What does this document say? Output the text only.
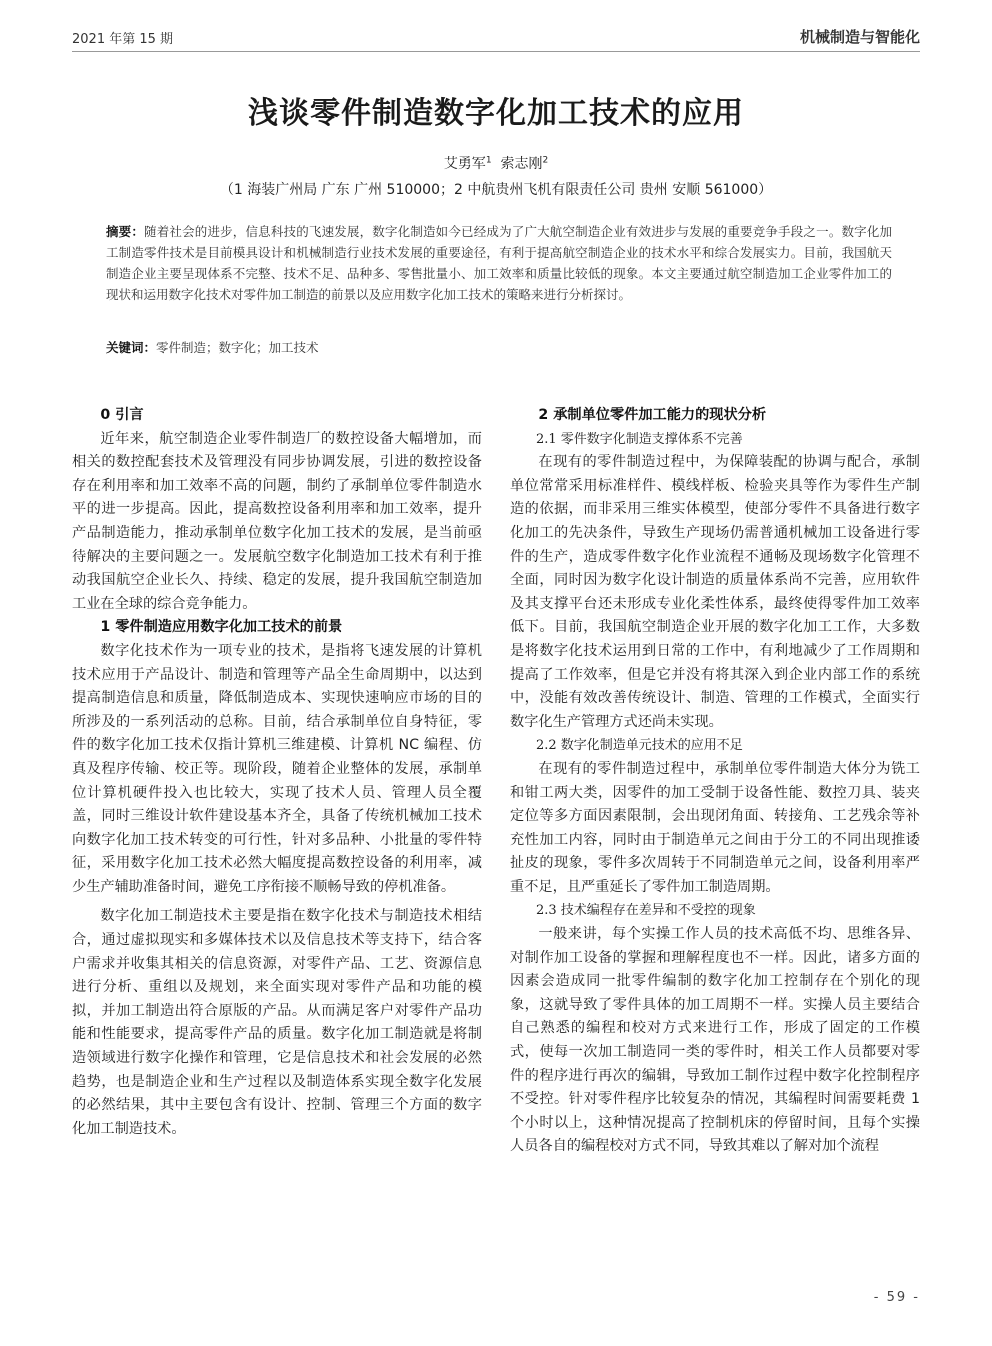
2021 年第 15 期	机械制造与智能化
浅谈零件制造数字化加工技术的应用
艾勇军$^1$ 索志刚$^2$
（1 海装广州局 广东 广州 510000；2 中航贵州飞机有限责任公司 贵州 安顺 561000）
摘要：随着社会的进步，信息科技的飞速发展，数字化制造如今已经成为了广大航空制造企业有效进步与发展的重要竞争手段之一。数字化加工制造零件技术是目前模具设计和机械制造行业技术发展的重要途径，有利于提高航空制造企业的技术水平和综合发展实力。目前，我国航天制造企业主要呈现体系不完整、技术不足、品种多、零售批量小、加工效率和质量比较低的现象。本文主要通过航空制造加工企业零件加工的现状和运用数字化技术对零件加工制造的前景以及应用数字化加工技术的策略来进行分析探讨。
关键词：零件制造；数字化；加工技术
0 引言

近年来，航空制造企业零件制造厂的数控设备大幅增加，而相关的数控配套技术及管理没有同步协调发展，引进的数控设备存在利用率和加工效率不高的问题，制约了承制单位零件制造水平的进一步提高。因此，提高数控设备利用率和加工效率，提升产品制造能力，推动承制单位数字化加工技术的发展，是当前亟待解决的主要问题之一。发展航空数字化制造加工技术有利于推动我国航空企业长久、持续、稳定的发展，提升我国航空制造加工业在全球的综合竞争能力。

1 零件制造应用数字化加工技术的前景

数字化技术作为一项专业的技术，是指将飞速发展的计算机技术应用于产品设计、制造和管理等产品全生命周期中，以达到提高制造信息和质量，降低制造成本、实现快速响应市场的目的所涉及的一系列活动的总称。目前，结合承制单位自身特征，零件的数字化加工技术仅指计算机三维建模、计算机 NC 编程、仿真及程序传输、校正等。现阶段，随着企业整体的发展，承制单位计算机硬件投入也比较大，实现了技术人员、管理人员全覆盖，同时三维设计软件建设基本齐全，具备了传统机械加工技术向数字化加工技术转变的可行性，针对多品种、小批量的零件特征，采用数字化加工技术必然大幅度提高数控设备的利用率，减少生产辅助准备时间，避免工序衔接不顺畅导致的停机准备。

数字化加工制造技术主要是指在数字化技术与制造技术相结合，通过虚拟现实和多媒体技术以及信息技术等支持下，结合客户需求并收集其相关的信息资源，对零件产品、工艺、资源信息进行分析、重组以及规划，来全面实现对零件产品和功能的模拟，并加工制造出符合原版的产品。从而满足客户对零件产品功能和性能要求，提高零件产品的质量。数字化加工制造就是将制造领域进行数字化操作和管理，它是信息技术和社会发展的必然趋势，也是制造企业和生产过程以及制造体系实现全数字化发展的必然结果，其中主要包含有设计、控制、管理三个方面的数字化加工制造技术。

2 承制单位零件加工能力的现状分析
2.1 零件数字化制造支撑体系不完善

在现有的零件制造过程中，为保障装配的协调与配合，承制单位常常采用标准样件、模线样板、检验夹具等作为零件生产制造的依据，而非采用三维实体模型，使部分零件不具备进行数字化加工的先决条件，导致生产现场仍需普通机械加工设备进行零件的生产，造成零件数字化作业流程不通畅及现场数字化管理不全面，同时因为数字化设计制造的质量体系尚不完善，应用软件及其支撑平台还未形成专业化柔性体系，最终使得零件加工效率低下。目前，我国航空制造企业开展的数字化加工工作，大多数是将数字化技术运用到日常的工作中，有利地减少了工作周期和提高了工作效率，但是它并没有将其深入到企业内部工作的系统中，没能有效改善传统设计、制造、管理的工作模式，全面实行数字化生产管理方式还尚未实现。

2.2 数字化制造单元技术的应用不足

在现有的零件制造过程中，承制单位零件制造大体分为铣工和钳工两大类，因零件的加工受制于设备性能、数控刀具、装夹定位等多方面因素限制，会出现闭角面、转接角、工艺残余等补充性加工内容，同时由于制造单元之间由于分工的不同出现推诿扯皮的现象，零件多次周转于不同制造单元之间，设备利用率严重不足，且严重延长了零件加工制造周期。

2.3 技术编程存在差异和不受控的现象

一般来讲，每个实操工作人员的技术高低不均、思维各异、对制作加工设备的掌握和理解程度也不一样。因此，诸多方面的因素会造成同一批零件编制的数字化加工控制存在个别化的现象，这就导致了零件具体的加工周期不一样。实操人员主要结合自己熟悉的编程和校对方式来进行工作，形成了固定的工作模式，使每一次加工制造同一类的零件时，相关工作人员都要对零件的程序进行再次的编辑，导致加工制作过程中数字化控制程序不受控。针对零件程序比较复杂的情况，其编程时间需要耗费 1 个小时以上，这种情况提高了控制机床的停留时间，且每个实操人员各自的编程校对方式不同，导致其难以了解对加个流程

- 59 -
